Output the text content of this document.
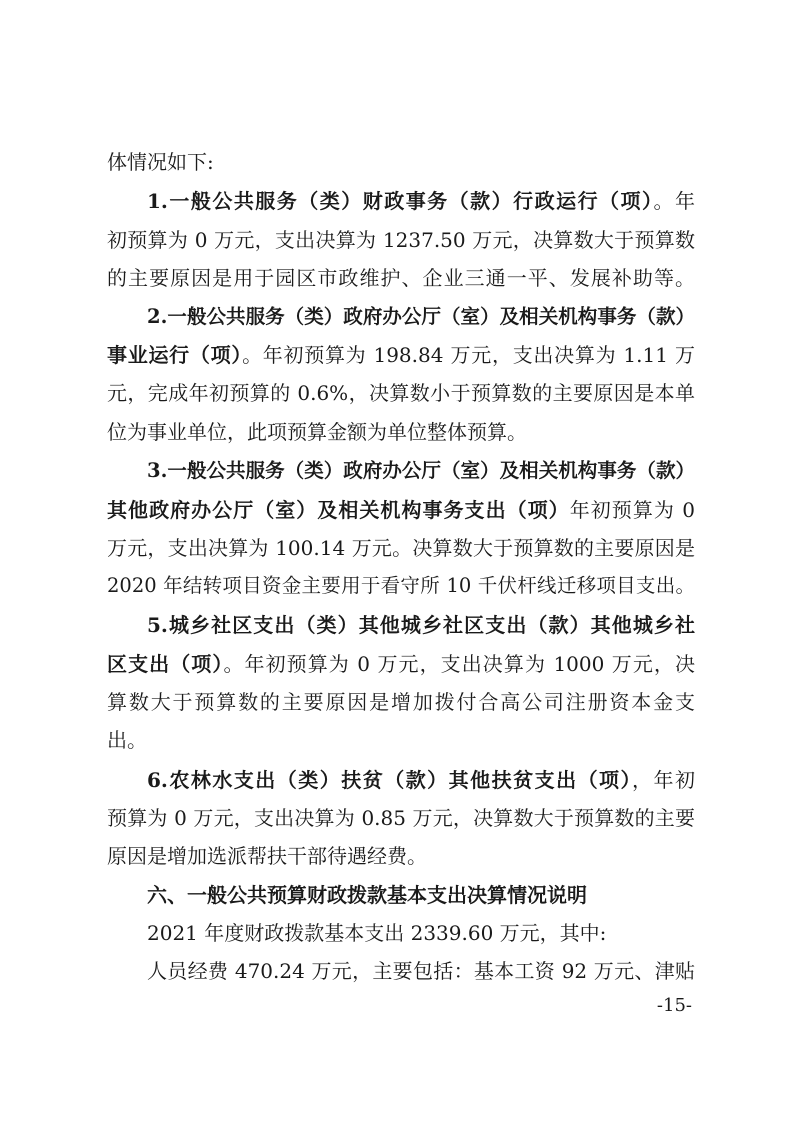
体情况如下:
1.一般公共服务（类）财政事务（款）行政运行（项）。年
初预算为 0 万元，支出决算为 1237.50 万元，决算数大于预算数
的主要原因是用于园区市政维护、企业三通一平、发展补助等。
2.一般公共服务（类）政府办公厅（室）及相关机构事务（款）
事业运行（项）。年初预算为 198.84 万元，支出决算为 1.11 万
元，完成年初预算的 0.6%，决算数小于预算数的主要原因是本单
位为事业单位，此项预算金额为单位整体预算。
3.一般公共服务（类）政府办公厅（室）及相关机构事务（款）
其他政府办公厅（室）及相关机构事务支出（项）年初预算为 0
万元，支出决算为 100.14 万元。决算数大于预算数的主要原因是
2020 年结转项目资金主要用于看守所 10 千伏杆线迁移项目支出。
5.城乡社区支出（类）其他城乡社区支出（款）其他城乡社
区支出（项）。年初预算为 0 万元，支出决算为 1000 万元，决
算数大于预算数的主要原因是增加拨付合高公司注册资本金支
出。
6.农林水支出（类）扶贫（款）其他扶贫支出（项），年初
预算为 0 万元，支出决算为 0.85 万元，决算数大于预算数的主要
原因是增加选派帮扶干部待遇经费。
六、一般公共预算财政拨款基本支出决算情况说明
2021 年度财政拨款基本支出 2339.60 万元，其中:
人员经费 470.24 万元，主要包括：基本工资 92 万元、津贴
-15-
